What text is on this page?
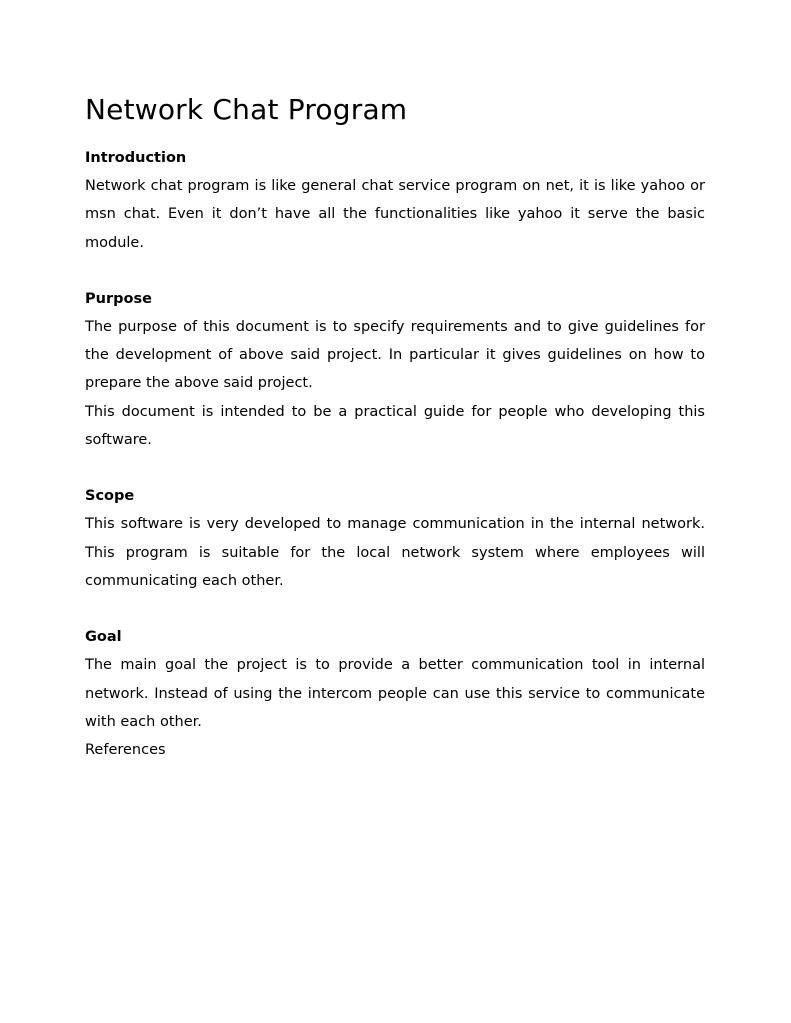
Network Chat Program

Introduction

Network chat program is like general chat service program on net, it is like yahoo or msn chat. Even it don’t have all the functionalities like yahoo it serve the basic module.

Purpose

The purpose of this document is to specify requirements and to give guidelines for the development of above said project. In particular it gives guidelines on how to prepare the above said project.

This document is intended to be a practical guide for people who developing this software.

Scope

This software is very developed to manage communication in the internal network. This program is suitable for the local network system where employees will communicating each other.

Goal

The main goal the project is to provide a better communication tool in internal network. Instead of using the intercom people can use this service to communicate with each other.

References
